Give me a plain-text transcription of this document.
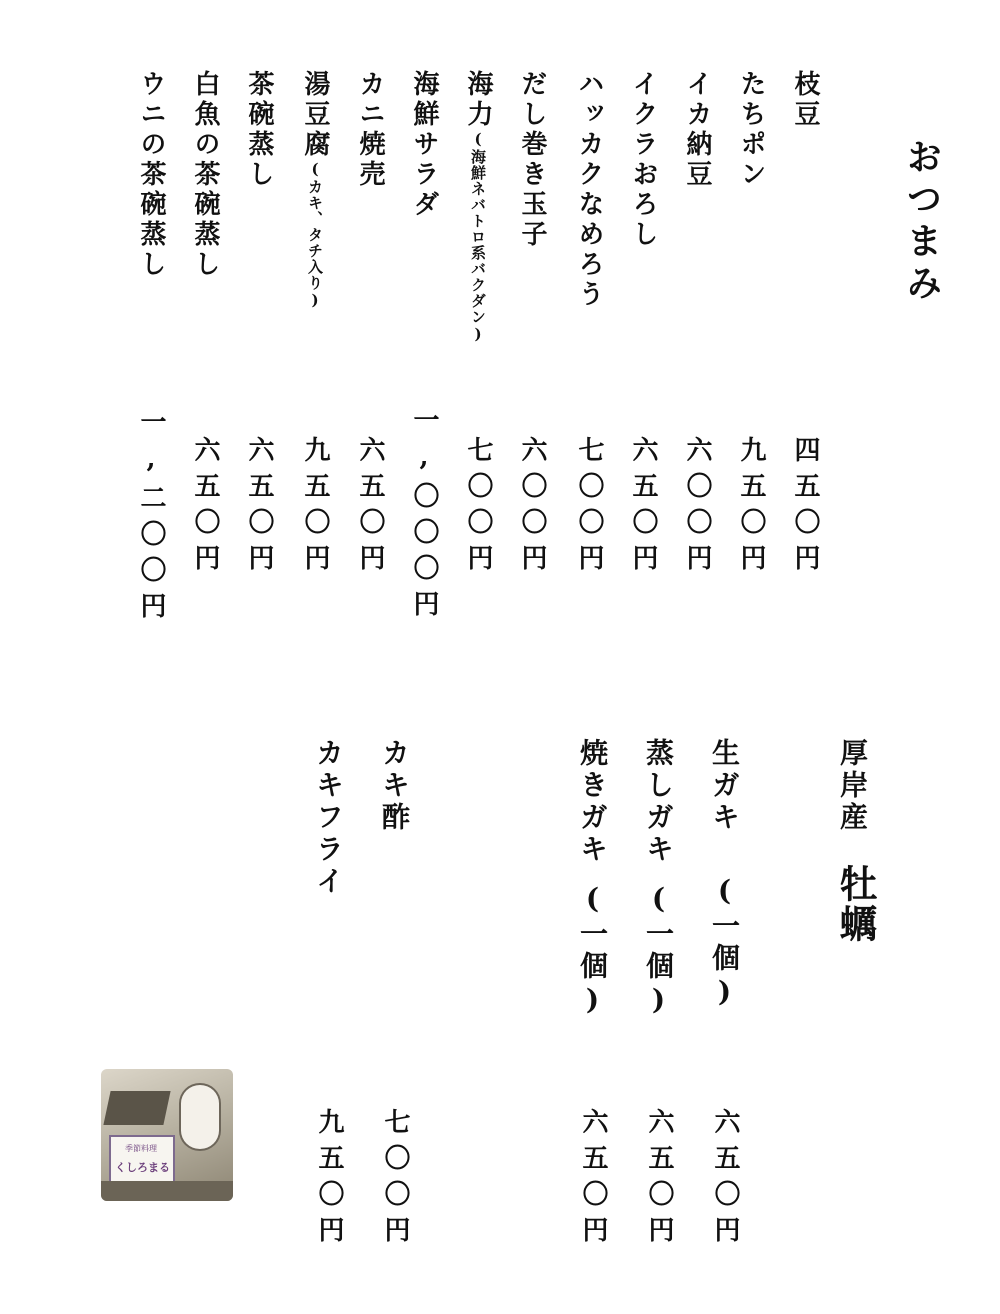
おつまみ
枝豆
たちポン
イカ納豆
イクラおろし
ハッカクなめろう
だし巻き玉子
海力(海鮮ネバトロ系バクダン)
海鮮サラダ
カニ焼売
湯豆腐(カキ、タチ入り)
茶碗蒸し
白魚の茶碗蒸し
ウニの茶碗蒸し
四五〇円
九五〇円
六〇〇円
六五〇円
七〇〇円
六〇〇円
七〇〇円
一,〇〇〇円
六五〇円
九五〇円
六五〇円
六五〇円
一,二〇〇円
厚岸産
牡蠣
生ガキ(一個)
蒸しガキ(一個)
焼きガキ(一個)
カキ酢
カキフライ
六五〇円
六五〇円
六五〇円
七〇〇円
九五〇円
季節料理
くしろまる
